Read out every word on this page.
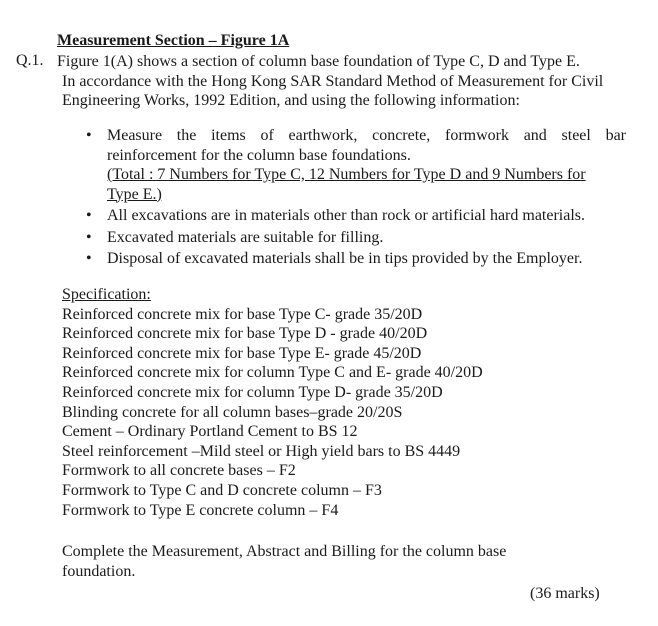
Measurement Section – Figure 1A
Q.1. Figure 1(A) shows a section of column base foundation of Type C, D and Type E.
In accordance with the Hong Kong SAR Standard Method of Measurement for Civil
Engineering Works, 1992 Edition, and using the following information:
• Measure the items of earthwork, concrete, formwork and steel bar
reinforcement for the column base foundations.
(Total : 7 Numbers for Type C, 12 Numbers for Type D and 9 Numbers for
Type E.)
• All excavations are in materials other than rock or artificial hard materials.
• Excavated materials are suitable for filling.
• Disposal of excavated materials shall be in tips provided by the Employer.
Specification:
Reinforced concrete mix for base Type C- grade 35/20D
Reinforced concrete mix for base Type D - grade 40/20D
Reinforced concrete mix for base Type E- grade 45/20D
Reinforced concrete mix for column Type C and E- grade 40/20D
Reinforced concrete mix for column Type D- grade 35/20D
Blinding concrete for all column bases–grade 20/20S
Cement – Ordinary Portland Cement to BS 12
Steel reinforcement –Mild steel or High yield bars to BS 4449
Formwork to all concrete bases – F2
Formwork to Type C and D concrete column – F3
Formwork to Type E concrete column – F4
Complete the Measurement, Abstract and Billing for the column base
foundation.
(36 marks)
